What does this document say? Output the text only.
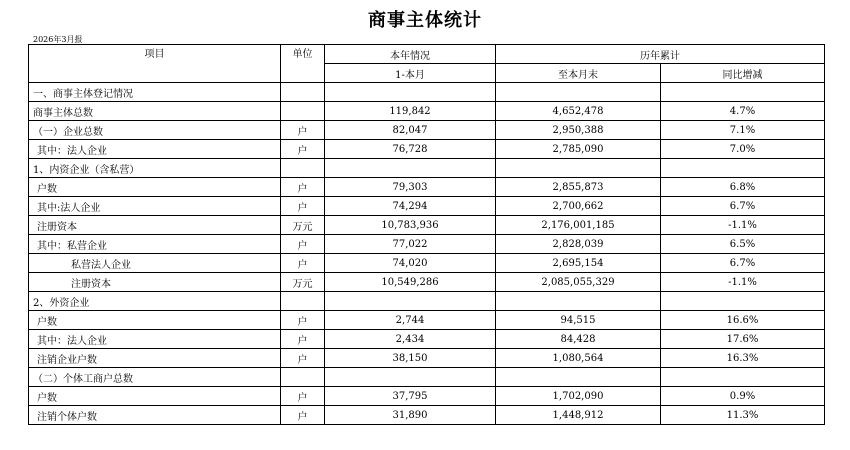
商事主体统计
2026年3月报
项目	单位	本年情况	历年累计	
		1-本月	至本月末	同比增减
一、商事主体登记情况				
商事主体总数		119,842	4,652,478	4.7%
（一）企业总数	户	82,047	2,950,388	7.1%
其中：法人企业	户	76,728	2,785,090	7.0%
1、内资企业（含私营）				
户数	户	79,303	2,855,873	6.8%
其中:法人企业	户	74,294	2,700,662	6.7%
注册资本	万元	10,783,936	2,176,001,185	-1.1%
其中：私营企业	户	77,022	2,828,039	6.5%
私营法人企业	户	74,020	2,695,154	6.7%
注册资本	万元	10,549,286	2,085,055,329	-1.1%
2、外资企业				
户数	户	2,744	94,515	16.6%
其中：法人企业	户	2,434	84,428	17.6%
注销企业户数	户	38,150	1,080,564	16.3%
（二）个体工商户总数				
户数	户	37,795	1,702,090	0.9%
注销个体户数	户	31,890	1,448,912	11.3%
